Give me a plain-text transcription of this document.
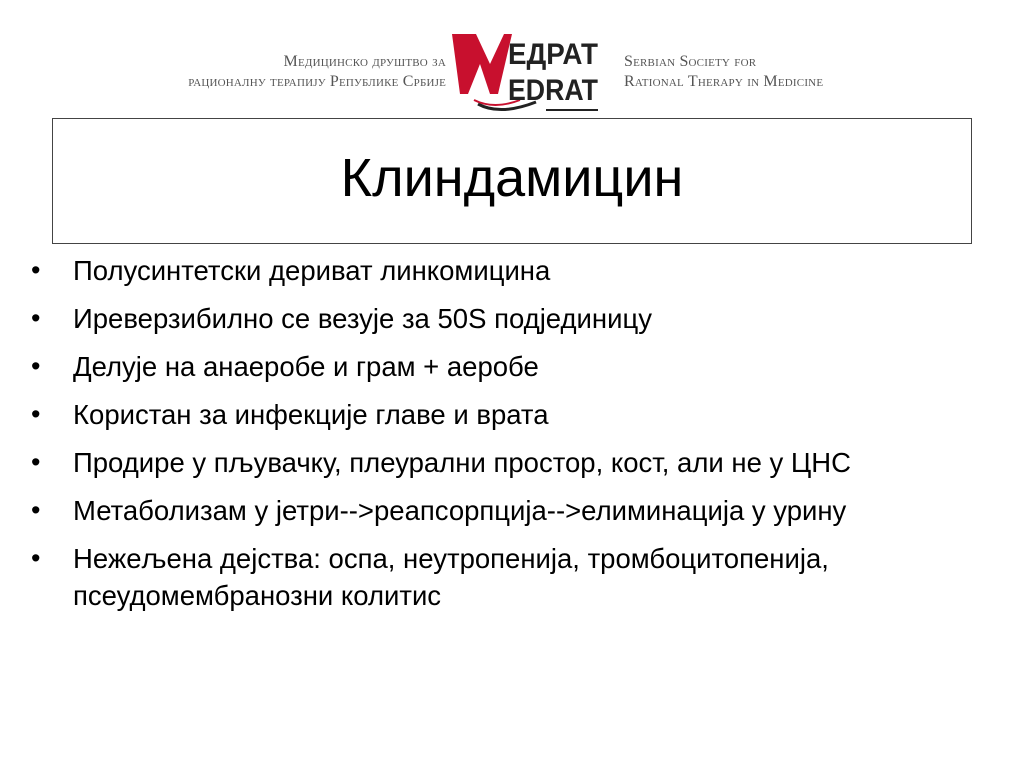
Медицинско друштво за
рационалну терапију Републике Србије
ЕДРАТ
EDRAT
Serbian Society for
Rational Therapy in Medicine
Клиндамицин
• Полусинтетски дериват линкомицина
• Иреверзибилно се везује за 50S подјединицу
• Делује на анаеробе и грам + аеробе
• Користан за инфекције главе и врата
• Продире у пљувачку, плеурални простор, кост, али не у ЦНС
• Метаболизам у јетри-->реапсорпција-->елиминација у урину
• Нежељена дејства: оспа, неутропенија, тромбоцитопенија, псеудомембранозни колитис
